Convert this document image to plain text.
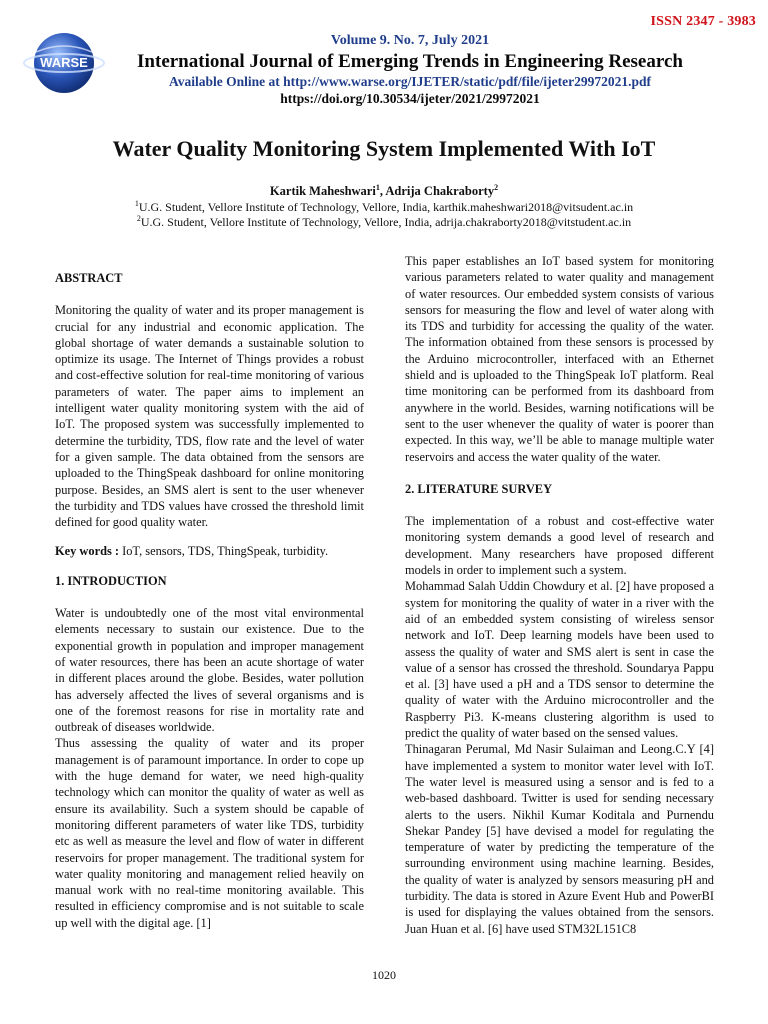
ISSN 2347 - 3983
WARSE
Volume 9. No. 7, July 2021
International Journal of Emerging Trends in Engineering Research
Available Online at http://www.warse.org/IJETER/static/pdf/file/ijeter29972021.pdf
https://doi.org/10.30534/ijeter/2021/29972021
Water Quality Monitoring System Implemented With IoT
Kartik Maheshwari$^1$, Adrija Chakraborty$^2$
$^1$U.G. Student, Vellore Institute of Technology, Vellore, India, karthik.maheshwari2018@vitsudent.ac.in
$^2$U.G. Student, Vellore Institute of Technology, Vellore, India, adrija.chakraborty2018@vitstudent.ac.in

ABSTRACT

Monitoring the quality of water and its proper management is crucial for any industrial and economic application. The global shortage of water demands a sustainable solution to optimize its usage. The Internet of Things provides a robust and cost-effective solution for real-time monitoring of various parameters of water. The paper aims to implement an intelligent water quality monitoring system with the aid of IoT. The proposed system was successfully implemented to determine the turbidity, TDS, flow rate and the level of water for a given sample. The data obtained from the sensors are uploaded to the ThingSpeak dashboard for online monitoring purpose. Besides, an SMS alert is sent to the user whenever the turbidity and TDS values have crossed the threshold limit defined for good quality water.

Key words : IoT, sensors, TDS, ThingSpeak, turbidity.

1. INTRODUCTION

Water is undoubtedly one of the most vital environmental elements necessary to sustain our existence. Due to the exponential growth in population and improper management of water resources, there has been an acute shortage of water in different places around the globe. Besides, water pollution has adversely affected the lives of several organisms and is one of the foremost reasons for rise in mortality rate and outbreak of diseases worldwide.

Thus assessing the quality of water and its proper management is of paramount importance. In order to cope up with the huge demand for water, we need high-quality technology which can monitor the quality of water as well as ensure its availability. Such a system should be capable of monitoring different parameters of water like TDS, turbidity etc as well as measure the level and flow of water in different reservoirs for proper management. The traditional system for water quality monitoring and management relied heavily on manual work with no real-time monitoring available. This resulted in efficiency compromise and is not suitable to scale up well with the digital age. [1]

This paper establishes an IoT based system for monitoring various parameters related to water quality and management of water resources. Our embedded system consists of various sensors for measuring the flow and level of water along with its TDS and turbidity for accessing the quality of the water. The information obtained from these sensors is processed by the Arduino microcontroller, interfaced with an Ethernet shield and is uploaded to the ThingSpeak IoT platform. Real time monitoring can be performed from its dashboard from anywhere in the world. Besides, warning notifications will be sent to the user whenever the quality of water is poorer than expected. In this way, we’ll be able to manage multiple water reservoirs and access the water quality of the water.

2. LITERATURE SURVEY

The implementation of a robust and cost-effective water monitoring system demands a good level of research and development. Many researchers have proposed different models in order to implement such a system.

Mohammad Salah Uddin Chowdury et al. [2] have proposed a system for monitoring the quality of water in a river with the aid of an embedded system consisting of wireless sensor network and IoT. Deep learning models have been used to assess the quality of water and SMS alert is sent in case the value of a sensor has crossed the threshold. Soundarya Pappu et al. [3] have used a pH and a TDS sensor to determine the quality of water with the Arduino microcontroller and the Raspberry Pi3. K-means clustering algorithm is used to predict the quality of water based on the sensed values.

Thinagaran Perumal, Md Nasir Sulaiman and Leong.C.Y [4] have implemented a system to monitor water level with IoT. The water level is measured using a sensor and is fed to a web-based dashboard. Twitter is used for sending necessary alerts to the users. Nikhil Kumar Koditala and Purnendu Shekar Pandey [5] have devised a model for regulating the temperature of water by predicting the temperature of the surrounding environment using machine learning. Besides, the quality of water is analyzed by sensors measuring pH and turbidity. The data is stored in Azure Event Hub and PowerBI is used for displaying the values obtained from the sensors. Juan Huan et al. [6] have used STM32L151C8

1020
